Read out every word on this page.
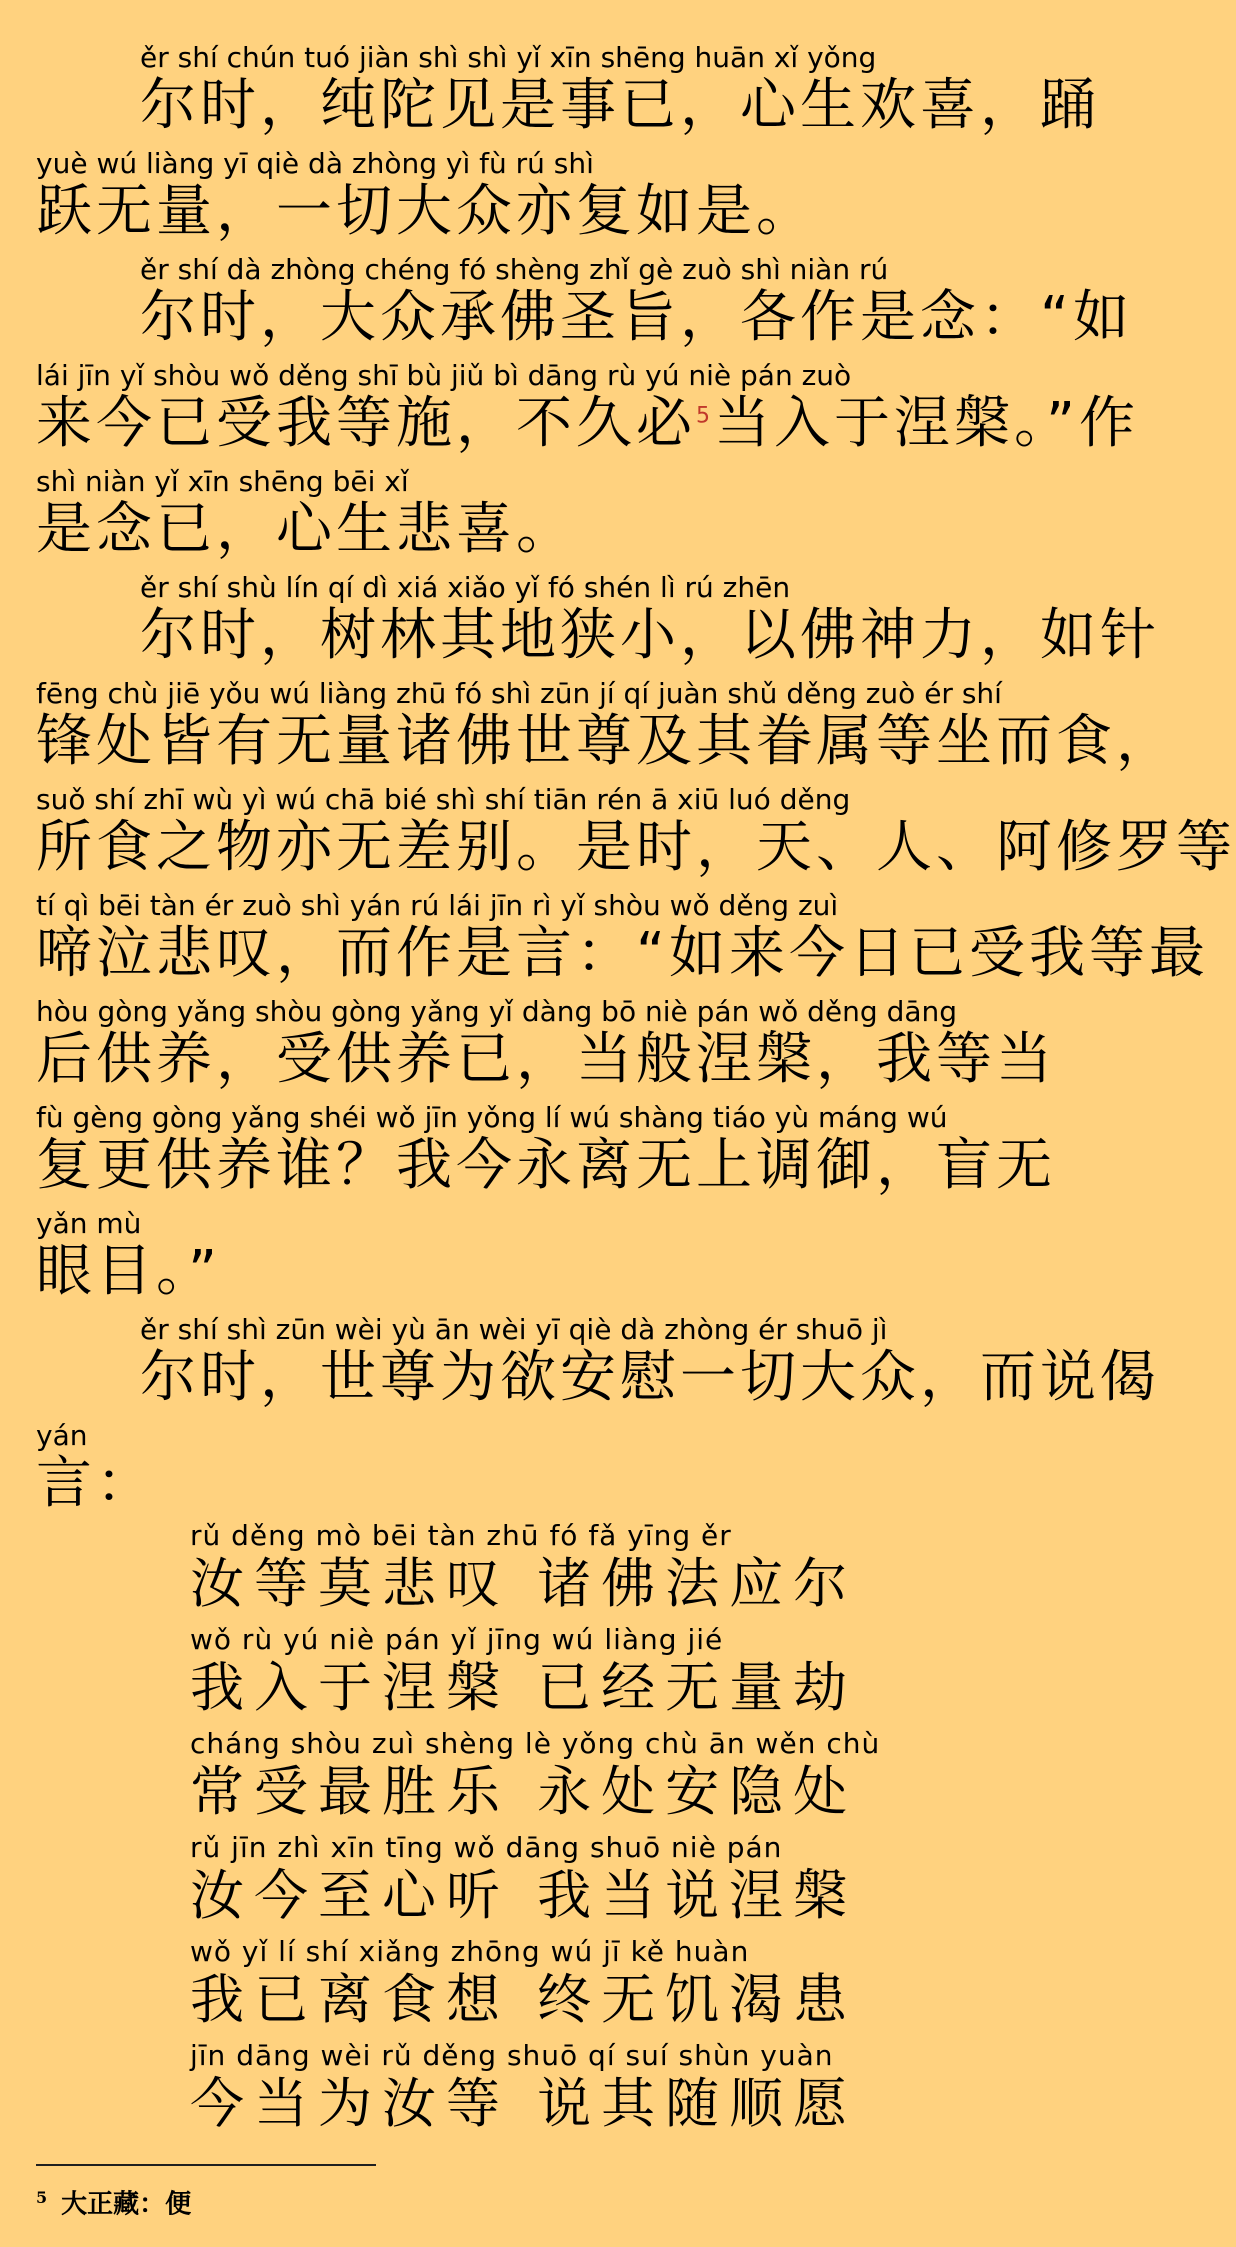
ěr shí chún tuó jiàn shì shì yǐ xīn shēng huān xǐ yǒng
尔时，纯陀见是事已，心生欢喜，踊
yuè wú liàng yī qiè dà zhòng yì fù rú shì
跃无量，一切大众亦复如是。
ěr shí dà zhòng chéng fó shèng zhǐ gè zuò shì niàn rú
尔时，大众承佛圣旨，各作是念：“如
lái jīn yǐ shòu wǒ děng shī bù jiǔ bì dāng rù yú niè pán zuò
来今已受我等施，不久必$^5$当入于涅槃。”作
shì niàn yǐ xīn shēng bēi xǐ
是念已，心生悲喜。
ěr shí shù lín qí dì xiá xiǎo yǐ fó shén lì rú zhēn
尔时，树林其地狭小，以佛神力，如针
fēng chù jiē yǒu wú liàng zhū fó shì zūn jí qí juàn shǔ děng zuò ér shí
锋处皆有无量诸佛世尊及其眷属等坐而食，
suǒ shí zhī wù yì wú chā bié shì shí tiān rén ā xiū luó děng
所食之物亦无差别。是时，天、人、阿修罗等
tí qì bēi tàn ér zuò shì yán rú lái jīn rì yǐ shòu wǒ děng zuì
啼泣悲叹，而作是言：“如来今日已受我等最
hòu gòng yǎng shòu gòng yǎng yǐ dàng bō niè pán wǒ děng dāng
后供养，受供养已，当般涅槃，我等当
fù gèng gòng yǎng shéi wǒ jīn yǒng lí wú shàng tiáo yù máng wú
复更供养谁？我今永离无上调御，盲无
yǎn mù
眼目。”
ěr shí shì zūn wèi yù ān wèi yī qiè dà zhòng ér shuō jì
尔时，世尊为欲安慰一切大众，而说偈
yán
言：
rǔ děng mò bēi tàn zhū fó fǎ yīng ěr
汝等莫悲叹 诸佛法应尔
wǒ rù yú niè pán yǐ jīng wú liàng jié
我入于涅槃 已经无量劫
cháng shòu zuì shèng lè yǒng chù ān wěn chù
常受最胜乐 永处安隐处
rǔ jīn zhì xīn tīng wǒ dāng shuō niè pán
汝今至心听 我当说涅槃
wǒ yǐ lí shí xiǎng zhōng wú jī kě huàn
我已离食想 终无饥渴患
jīn dāng wèi rǔ děng shuō qí suí shùn yuàn
今当为汝等 说其随顺愿
$^5$ 大正藏：便
